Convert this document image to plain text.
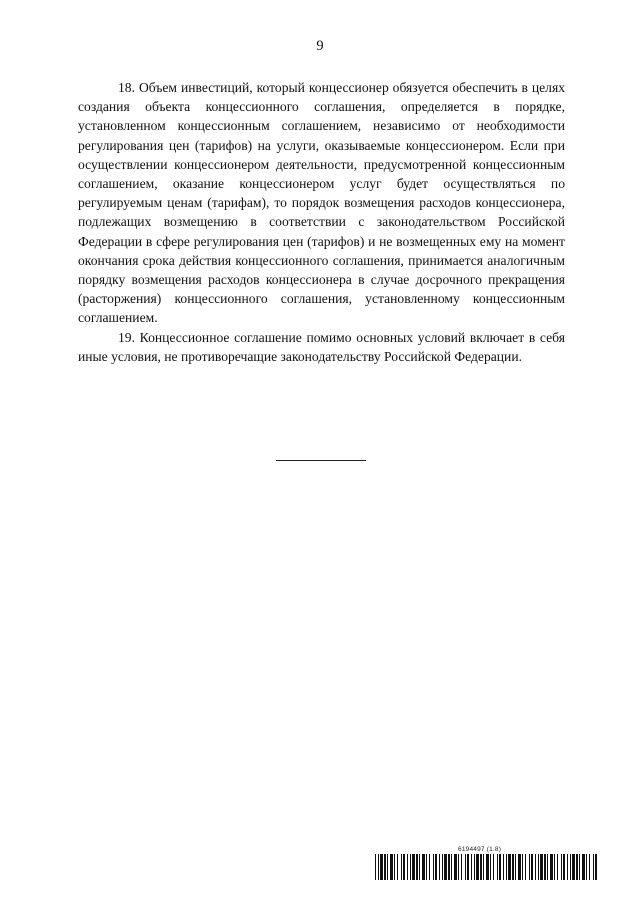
9

18. Объем инвестиций, который концессионер обязуется обеспечить в целях создания объекта концессионного соглашения, определяется в порядке, установленном концессионным соглашением, независимо от необходимости регулирования цен (тарифов) на услуги, оказываемые концессионером. Если при осуществлении концессионером деятельности, предусмотренной концессионным соглашением, оказание концессионером услуг будет осуществляться по регулируемым ценам (тарифам), то порядок возмещения расходов концессионера, подлежащих возмещению в соответствии с законодательством Российской Федерации в сфере регулирования цен (тарифов) и не возмещенных ему на момент окончания срока действия концессионного соглашения, принимается аналогичным порядку возмещения расходов концессионера в случае досрочного прекращения (расторжения) концессионного соглашения, установленному концессионным соглашением.

19. Концессионное соглашение помимо основных условий включает в себя иные условия, не противоречащие законодательству Российской Федерации.

6194497 (1.8)
